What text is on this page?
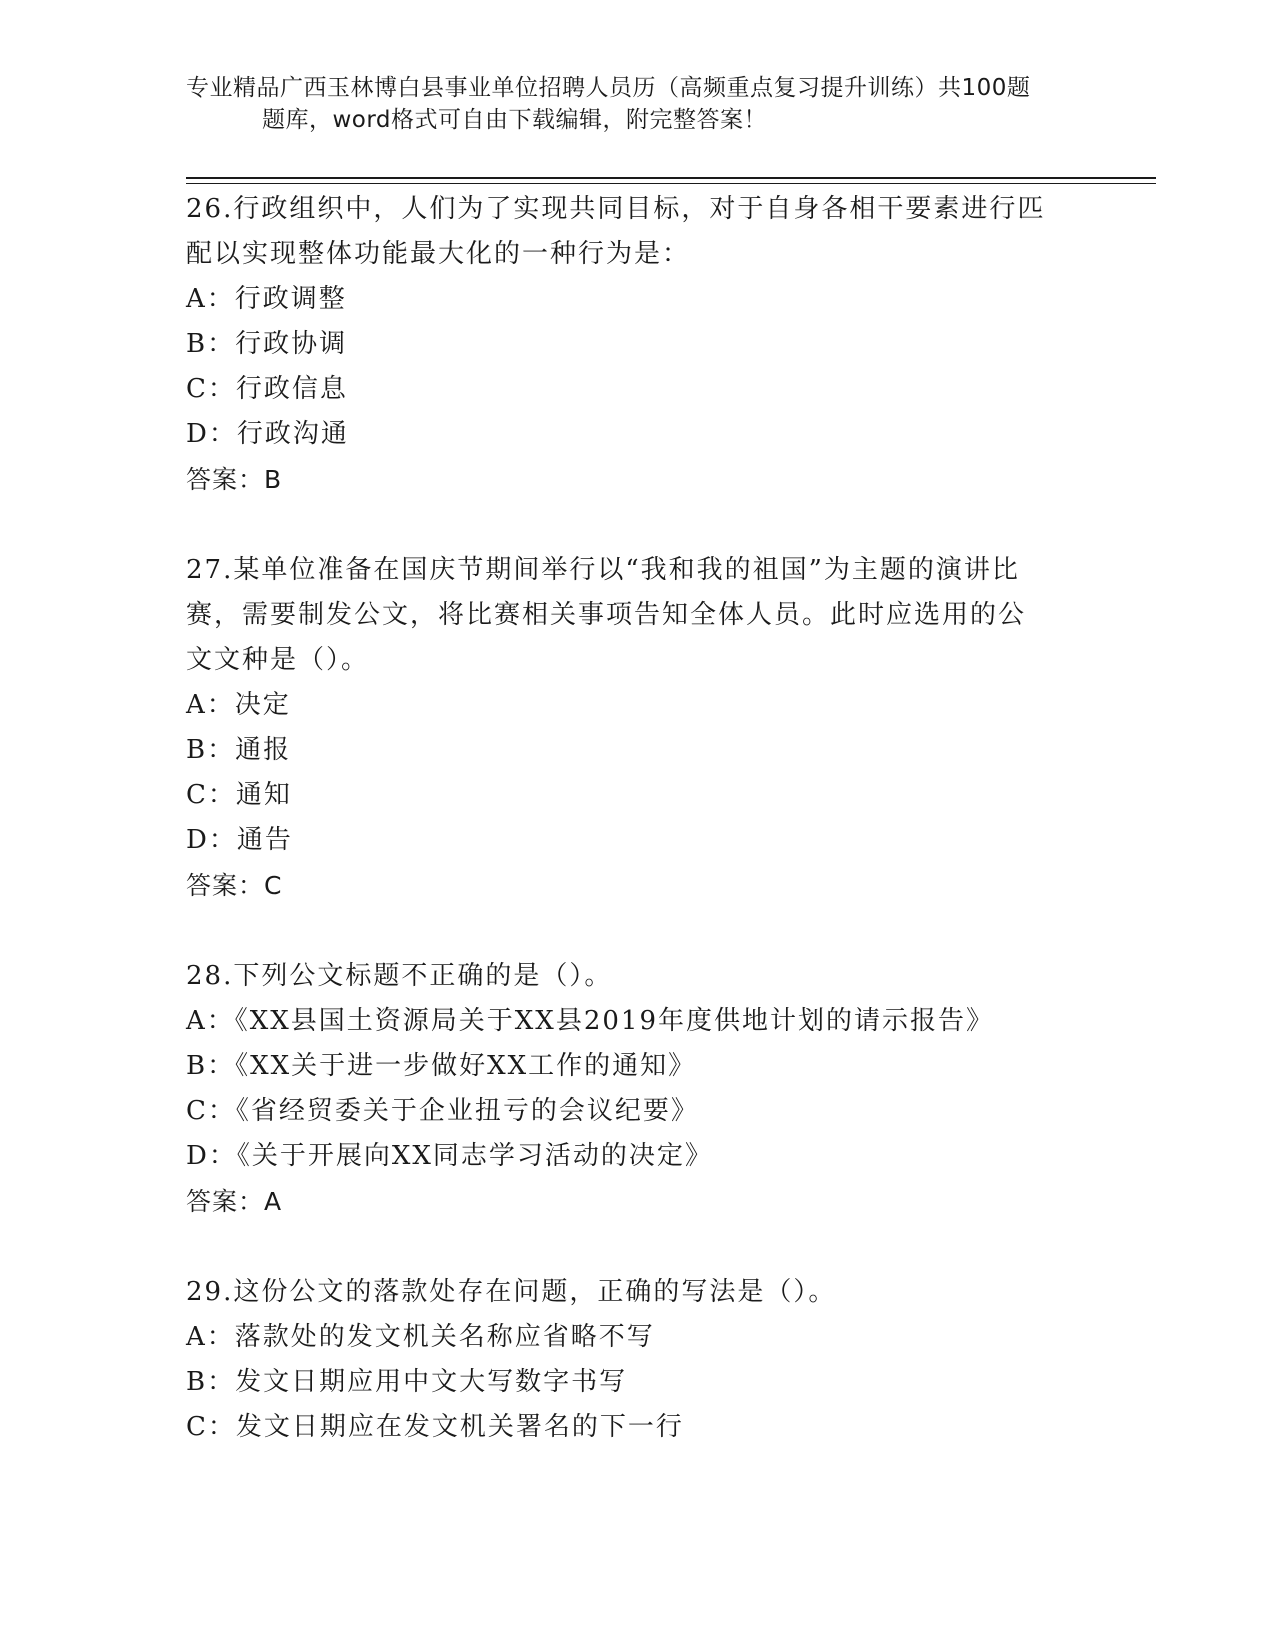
专业精品广西玉林博白县事业单位招聘人员历（高频重点复习提升训练）共100题
题库，word格式可自由下载编辑，附完整答案！

26.行政组织中，人们为了实现共同目标，对于自身各相干要素进行匹

配以实现整体功能最大化的一种行为是：

A：行政调整

B：行政协调

C：行政信息

D：行政沟通

答案：B

27.某单位准备在国庆节期间举行以“我和我的祖国”为主题的演讲比

赛，需要制发公文，将比赛相关事项告知全体人员。此时应选用的公

文文种是（）。

A：决定

B：通报

C：通知

D：通告

答案：C

28.下列公文标题不正确的是（）。

A：《XX县国土资源局关于XX县2019年度供地计划的请示报告》

B：《XX关于进一步做好XX工作的通知》

C：《省经贸委关于企业扭亏的会议纪要》

D：《关于开展向XX同志学习活动的决定》

答案：A

29.这份公文的落款处存在问题，正确的写法是（）。

A：落款处的发文机关名称应省略不写

B：发文日期应用中文大写数字书写

C：发文日期应在发文机关署名的下一行
